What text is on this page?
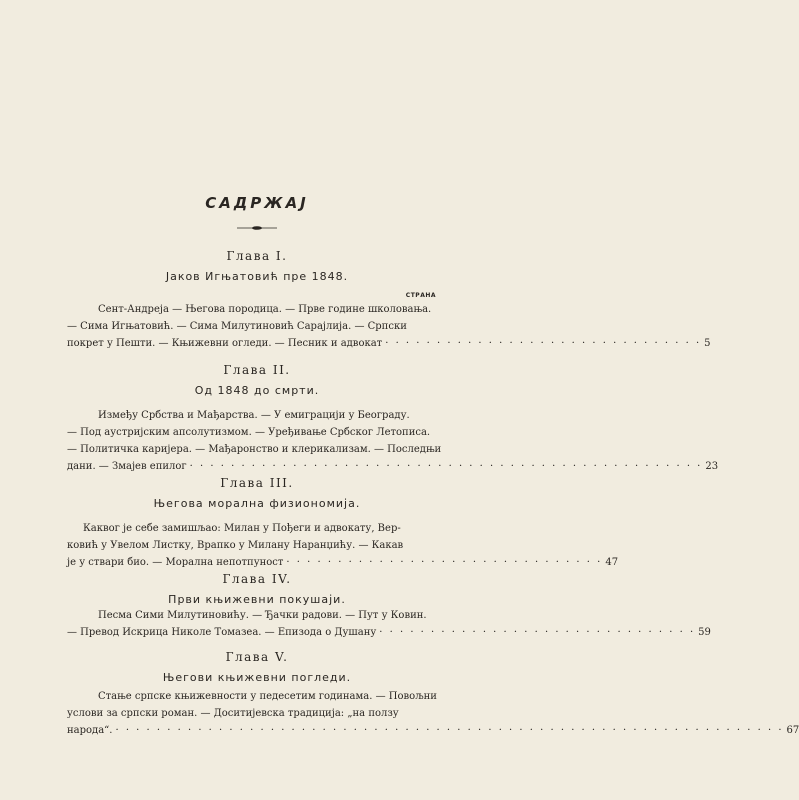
САДРЖАЈ
Глава I.
Јаков Игњатовић пре 1848.
СТРАНА
Сент-Андреја — Његова породица. — Прве године школовања.
— Сима Игњатовић. — Сима Милутиновић Сарајлија. — Српски
покрет у Пешти. — Књижевни огледи. — Песник и адвокат · · · · · · · · · · · · · · · · · · · · · · · · · · · · · · · 5
Глава II.
Од 1848 до смрти.
Између Србства и Мађарства. — У емиграцији у Београду.
— Под аустријским апсолутизмом. — Уређивање Србског Летописа.
— Политичка каријера. — Мађаронство и клерикализам. — Последњи
дани. — Змајев епилог · · · · · · · · · · · · · · · · · · · · · · · · · · · · · · · · · · · · · · · · · · · · · · · · · · 23
Глава III.
Његова морална физиономија.
Каквог је себе замишљао: Милан у Пођеги и адвокату, Вер-
ковић у Увелом Листку, Врапко у Милану Наранџићу. — Какав
је у ствари био. — Морална непотпуност · · · · · · · · · · · · · · · · · · · · · · · · · · · · · · · 47
Глава IV.
Први књижевни покушаји.
Песма Сими Милутиновићу. — Ђачки радови. — Пут у Ковин.
— Превод Искрица Николе Томазеа. — Епизода о Душану · · · · · · · · · · · · · · · · · · · · · · · · · · · · · · · 59
Глава V.
Његови књижевни погледи.
Стање српске књижевности у педесетим годинама. — Повољни
услови за српски роман. — Доситијевска традиција: „на ползу
народа“. · · · · · · · · · · · · · · · · · · · · · · · · · · · · · · · · · · · · · · · · · · · · · · · · · · · · · · · · · · · · · · · · · 67
